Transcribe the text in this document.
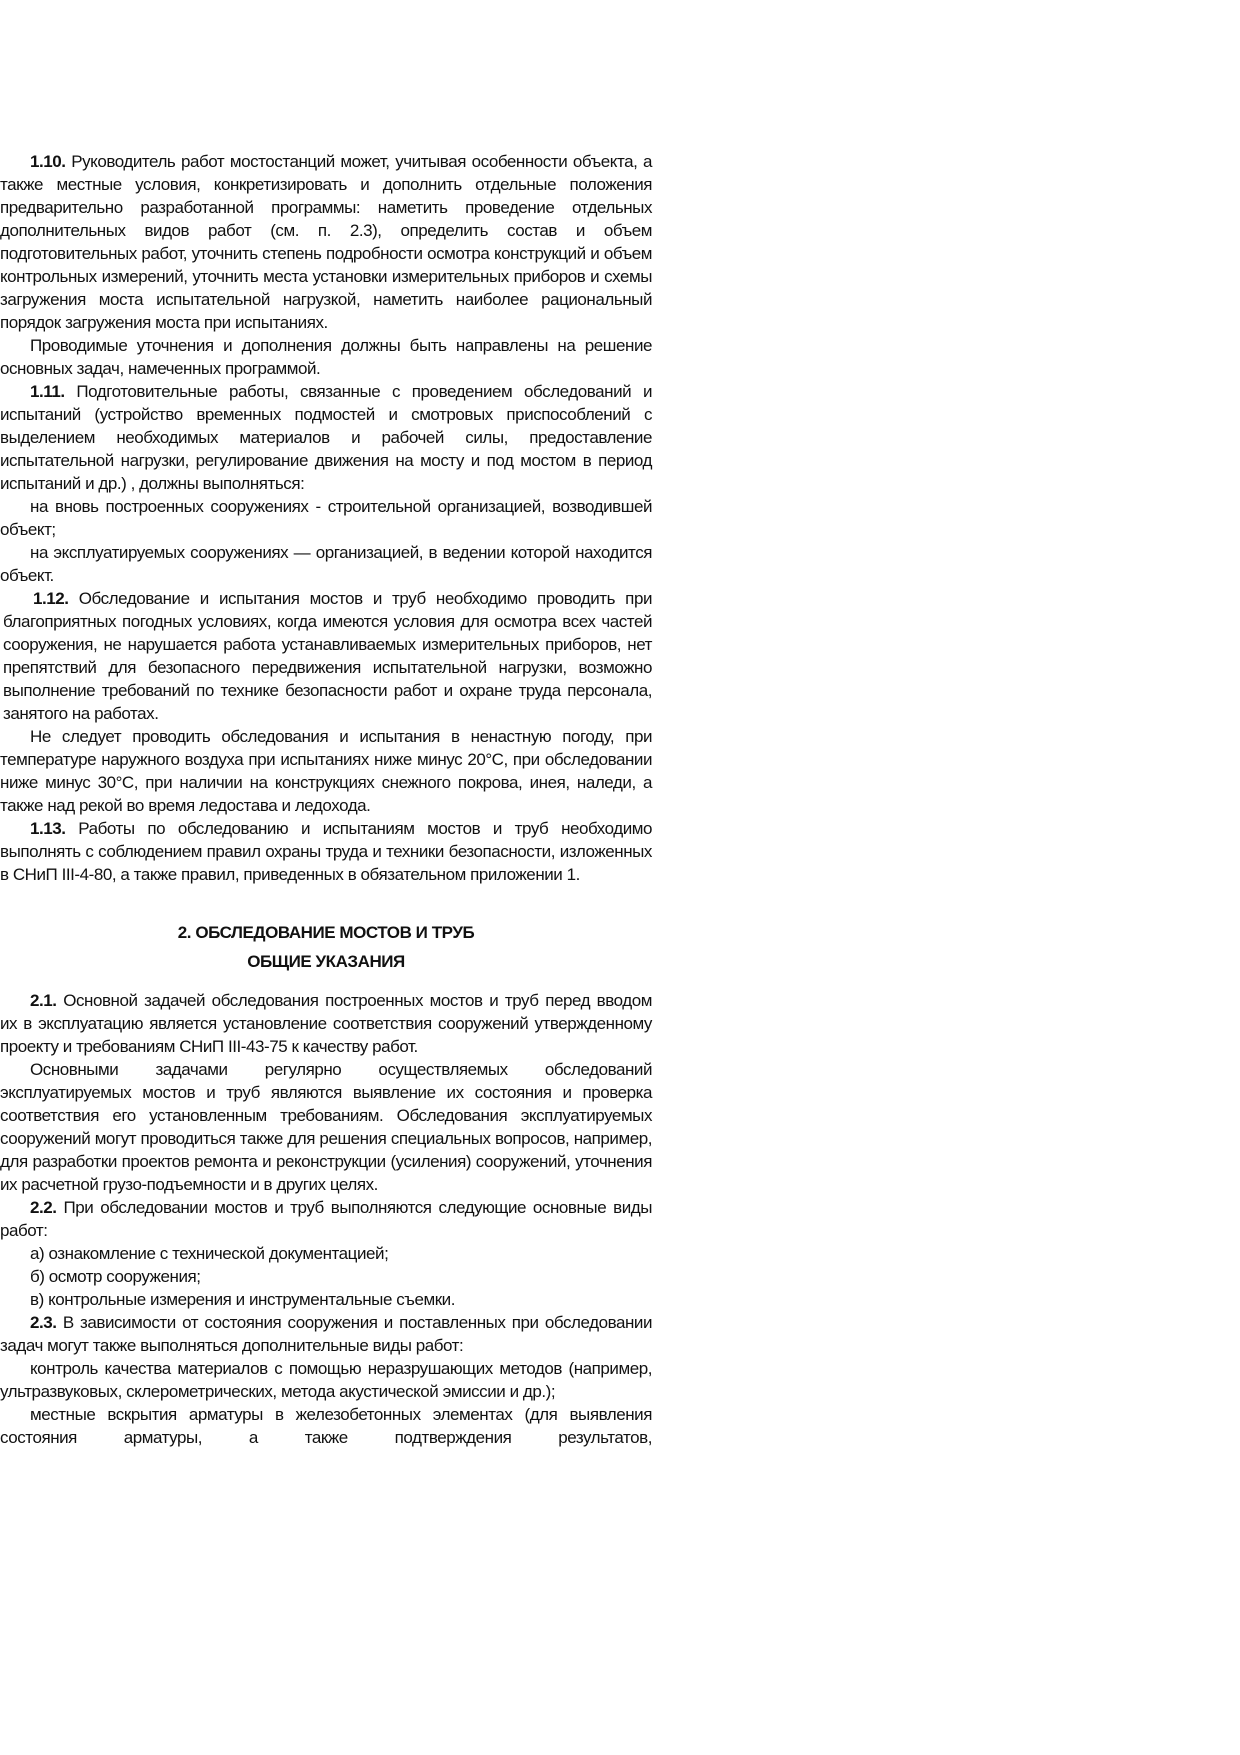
1.10. Руководитель работ мостостанций может, учитывая особенности объекта, а также местные условия, конкретизировать и дополнить отдельные положения предварительно разработанной программы: наметить проведение отдельных дополнительных видов работ (см. п. 2.3), определить состав и объем подготовительных работ, уточнить степень подробности осмотра конструкций и объем контрольных измерений, уточнить места установки измерительных приборов и схемы загружения моста испытательной нагрузкой, наметить наиболее рациональный порядок загружения моста при испытаниях.

Проводимые уточнения и дополнения должны быть направлены на решение основных задач, намеченных программой.

1.11. Подготовительные работы, связанные с проведением обследований и испытаний (устройство временных подмостей и смотровых приспособлений с выделением необходимых материалов и рабочей силы, предоставление испытательной нагрузки, регулирование движения на мосту и под мостом в период испытаний и др.) , должны выполняться:

на вновь построенных сооружениях - строительной организацией, возводившей объект;

на эксплуатируемых сооружениях — организацией, в ведении которой находится объект.

1.12. Обследование и испытания мостов и труб необходимо проводить при благоприятных погодных условиях, когда имеются условия для осмотра всех частей сооружения, не нарушается работа устанавливаемых измерительных приборов, нет препятствий для безопасного передвижения испытательной нагрузки, возможно выполнение требований по технике безопасности работ и охране труда персонала, занятого на работах.

Не следует проводить обследования и испытания в ненастную погоду, при температуре наружного воздуха при испытаниях ниже минус 20°С, при обследовании ниже минус 30°С, при наличии на конструкциях снежного покрова, инея, наледи, а также над рекой во время ледостава и ледохода.

1.13. Работы по обследованию и испытаниям мостов и труб необходимо выполнять с соблюдением правил охраны труда и техники безопасности, изложенных в СНиП III-4-80, а также правил, приведенных в обязательном приложении 1.

2. ОБСЛЕДОВАНИЕ МОСТОВ И ТРУБ

ОБЩИЕ УКАЗАНИЯ

2.1. Основной задачей обследования построенных мостов и труб перед вводом их в эксплуатацию является установление соответствия сооружений утвержденному проекту и требованиям СНиП III-43-75 к качеству работ.

Основными задачами регулярно осуществляемых обследований эксплуатируемых мостов и труб являются выявление их состояния и проверка соответствия его установленным требованиям. Обследования эксплуатируемых сооружений могут проводиться также для решения специальных вопросов, например, для разработки проектов ремонта и реконструкции (усиления) сооружений, уточнения их расчетной грузо-подъемности и в других целях.

2.2. При обследовании мостов и труб выполняются следующие основные виды работ:

а) ознакомление с технической документацией;

б) осмотр сооружения;

в) контрольные измерения и инструментальные съемки.

2.3. В зависимости от состояния сооружения и поставленных при обследовании задач могут также выполняться дополнительные виды работ:

контроль качества материалов с помощью неразрушающих методов (например, ультразвуковых, склерометрических, метода акустической эмиссии и др.);

местные вскрытия арматуры в железобетонных элементах (для выявления состояния арматуры, а также подтверждения результатов,
